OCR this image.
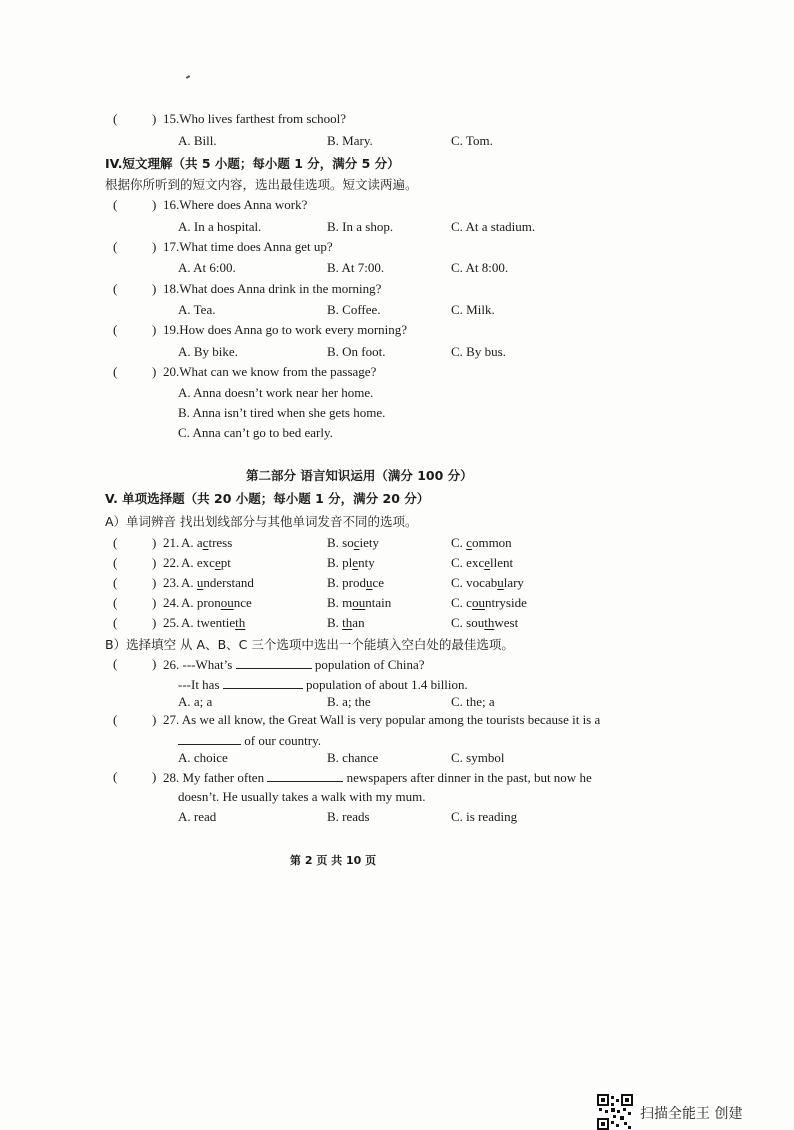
(	) 15.Who lives farthest from school?
A. Bill.	B. Mary.	C. Tom.
IV.短文理解（共 5 小题；每小题 1 分，满分 5 分）
根据你所听到的短文内容，选出最佳选项。短文读两遍。
(	) 16.Where does Anna work?
A. In a hospital.	B. In a shop.	C. At a stadium.
(	) 17.What time does Anna get up?
A. At 6:00.	B. At 7:00.	C. At 8:00.
(	) 18.What does Anna drink in the morning?
A. Tea.	B. Coffee.	C. Milk.
(	) 19.How does Anna go to work every morning?
A. By bike.	B. On foot.	C. By bus.
(	) 20.What can we know from the passage?
A. Anna doesn’t work near her home.
B. Anna isn’t tired when she gets home.
C. Anna can’t go to bed early.
第二部分 语言知识运用（满分 100 分）
V. 单项选择题（共 20 小题；每小题 1 分，满分 20 分）
A）单词辨音 找出划线部分与其他单词发音不同的选项。
(	) 21. A. actress	B. society	C. common
(	) 22. A. except	B. plenty	C. excellent
(	) 23. A. understand	B. produce	C. vocabulary
(	) 24. A. pronounce	B. mountain	C. countryside
(	) 25. A. twentieth	B. than	C. southwest
B）选择填空 从 A、B、C 三个选项中选出一个能填入空白处的最佳选项。
(	) 26. ---What’s	population of China?
---It has	population of about 1.4 billion.
A. a; a	B. a; the	C. the; a
(	) 27. As we all know, the Great Wall is very popular among the tourists because it is a
of our country.
A. choice	B. chance	C. symbol
(	) 28. My father often	newspapers after dinner in the past, but now he
doesn’t. He usually takes a walk with my mum.
A. read	B. reads	C. is reading
第 2 页 共 10 页
扫描全能王 创建
